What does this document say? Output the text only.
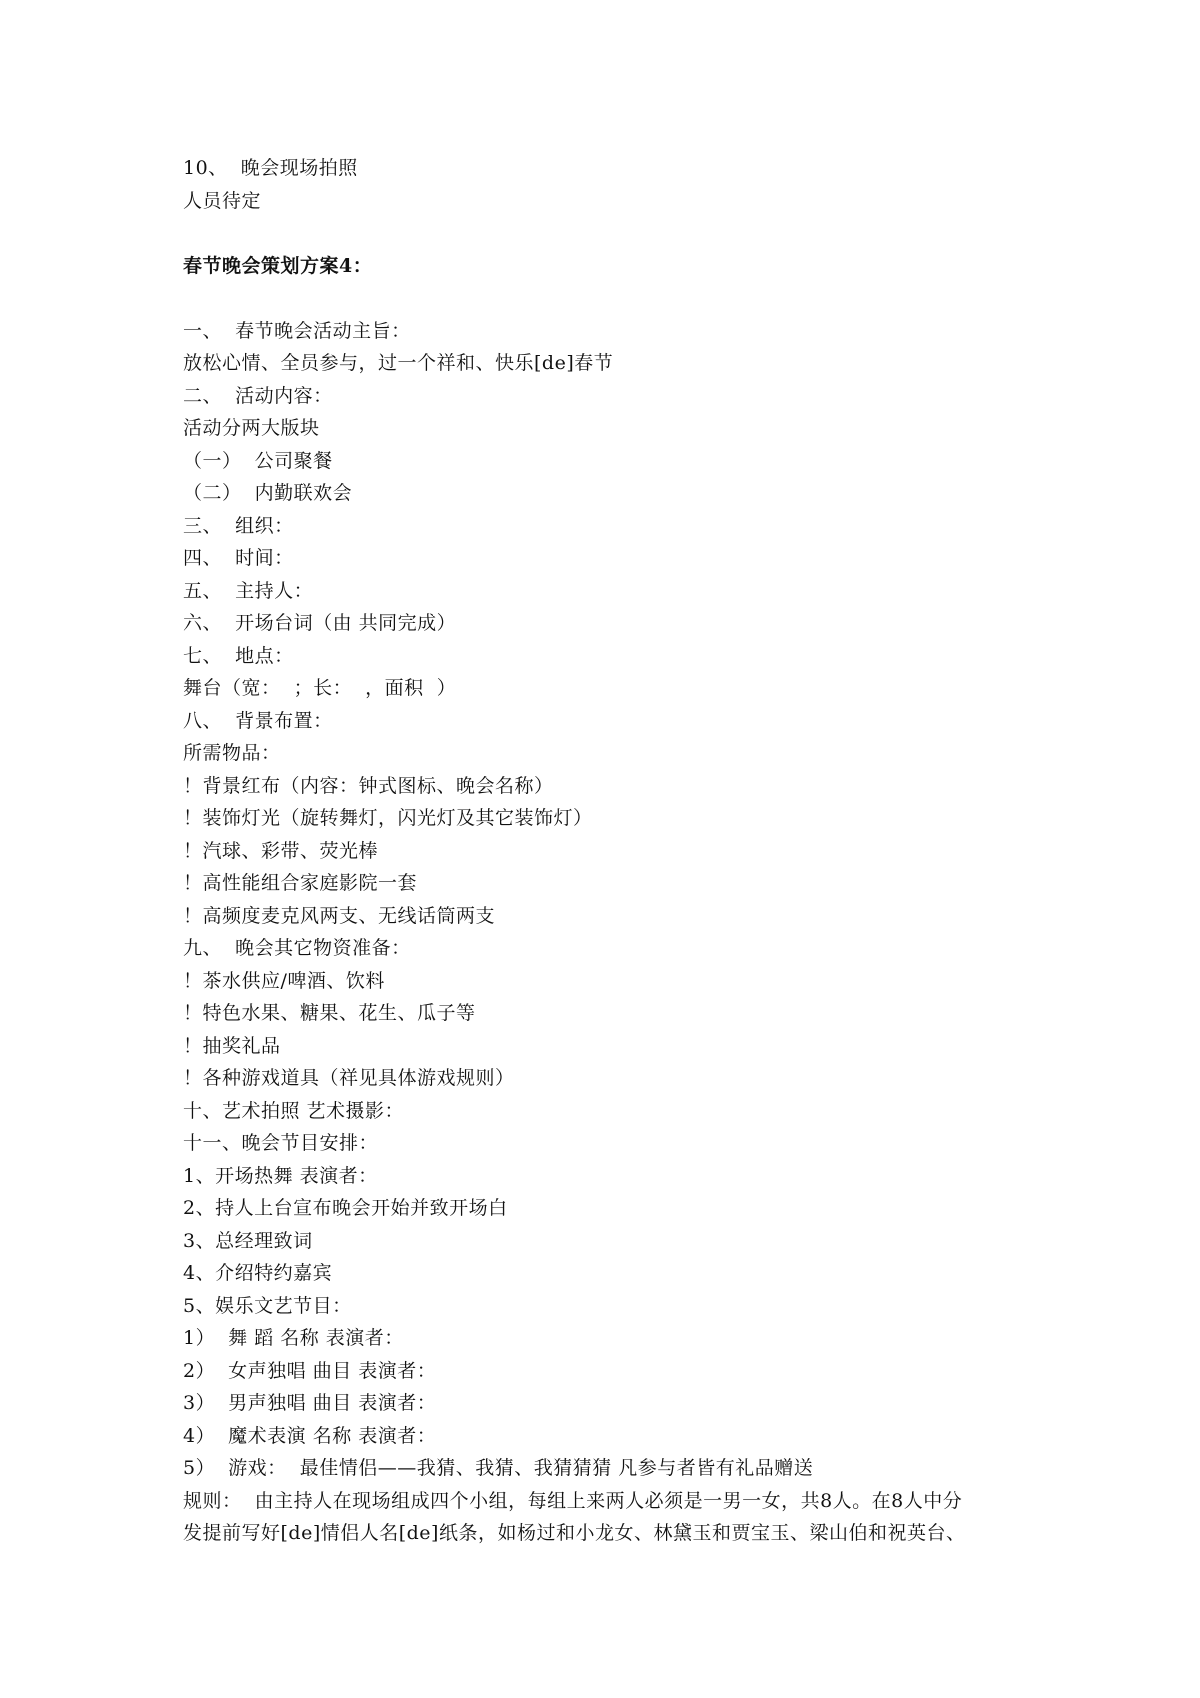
10、  晚会现场拍照
人员待定
春节晚会策划方案4：
一、  春节晚会活动主旨：
放松心情、全员参与，过一个祥和、快乐[de]春节
二、  活动内容：
活动分两大版块
（一）  公司聚餐
（二）  内勤联欢会
三、  组织：
四、  时间：
五、  主持人：
六、  开场台词（由 共同完成）
七、  地点：
舞台（宽：  ；长：  ，面积  ）
八、  背景布置：
所需物品：
！背景红布（内容：钟式图标、晚会名称）
！装饰灯光（旋转舞灯，闪光灯及其它装饰灯）
！汽球、彩带、荧光棒
！高性能组合家庭影院一套
！高频度麦克风两支、无线话筒两支
九、  晚会其它物资准备：
！茶水供应/啤酒、饮料
！特色水果、糖果、花生、瓜子等
！抽奖礼品
！各种游戏道具（祥见具体游戏规则）
十、艺术拍照 艺术摄影：
十一、晚会节目安排：
1、开场热舞 表演者：
2、持人上台宣布晚会开始并致开场白
3、总经理致词
4、介绍特约嘉宾
5、娱乐文艺节目：
1）  舞 蹈 名称 表演者：
2）  女声独唱 曲目 表演者：
3）  男声独唱 曲目 表演者：
4）  魔术表演 名称 表演者：
5）  游戏：  最佳情侣——我猜、我猜、我猜猜猜 凡参与者皆有礼品赠送
规则：  由主持人在现场组成四个小组，每组上来两人必须是一男一女，共8人。在8人中分
发提前写好[de]情侣人名[de]纸条，如杨过和小龙女、林黛玉和贾宝玉、梁山伯和祝英台、
